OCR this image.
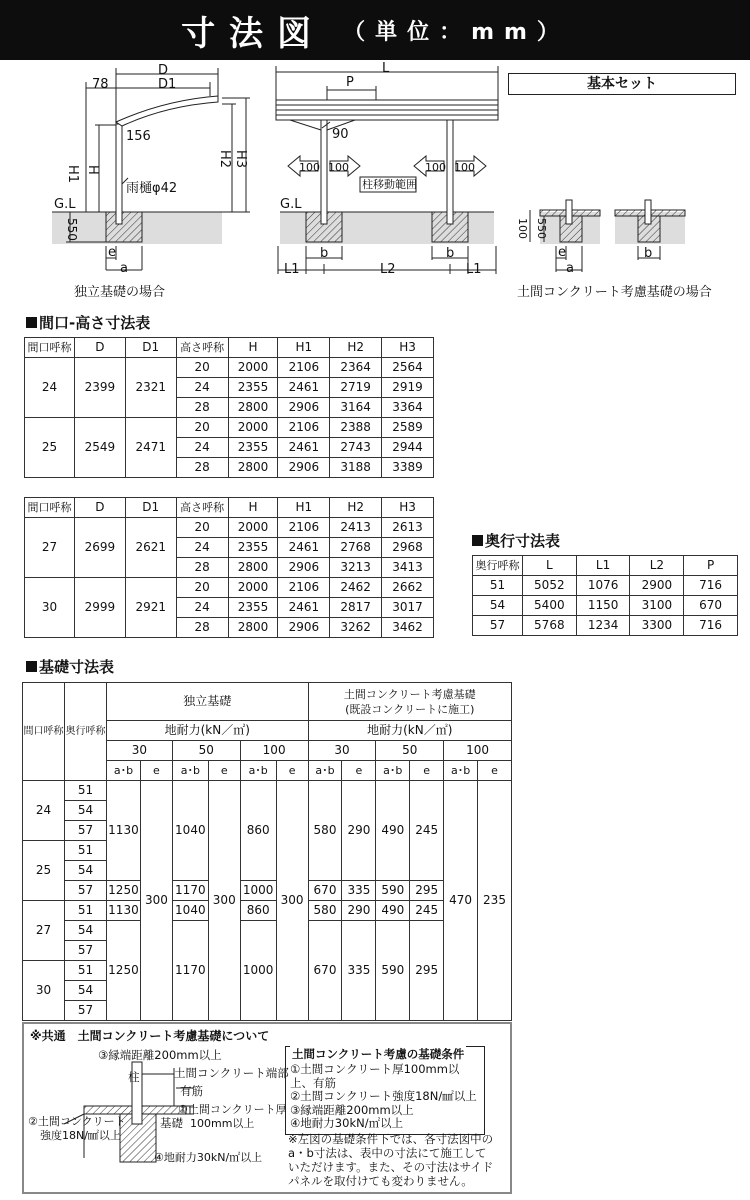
寸法図 （単位：mm）
D
D1
78
156
H1 H
H2 H3
雨樋φ42
G.L
550
e
a
独立基礎の場合
L
P
90
100 100	100 100
柱移動範囲
G.L
b	b
L1	L2	L1
基本セット
100 550
e
a
b
土間コンクリート考慮基礎の場合
間口-高さ寸法表
間口呼称	D	D1	高さ呼称	H	H1	H2	H3
24	2399	2321	20	2000	2106	2364	2564
			24	2355	2461	2719	2919
			28	2800	2906	3164	3364
25	2549	2471	20	2000	2106	2388	2589
			24	2355	2461	2743	2944
			28	2800	2906	3188	3389
間口呼称	D	D1	高さ呼称	H	H1	H2	H3
27	2699	2621	20	2000	2106	2413	2613
			24	2355	2461	2768	2968
			28	2800	2906	3213	3413
30	2999	2921	20	2000	2106	2462	2662
			24	2355	2461	2817	3017
			28	2800	2906	3262	3462
奥行寸法表
奥行呼称	L	L1	L2	P
51	5052	1076	2900	716
54	5400	1150	3100	670
57	5768	1234	3300	716
基礎寸法表
間口呼称	奥行呼称	独立基礎						土間コンクリート考慮基礎
(既設コンクリートに施工)					
		地耐力(kN／㎡)						地耐力(kN／㎡)					
		30		50		100		30		50		100	
		a･b	e	a･b	e	a･b	e	a･b	e	a･b	e	a･b	e
24	51	1130	300	1040	300	860	300	580	290	490	245	470	235
	54												
	57												
25	51												
	54												
	57	1250		1170		1000		670	335	590	295		
27	51	1130		1040		860		580	290	490	245		
	54	1250		1170		1000		670	335	590	295		
	57												
30	51												
	54												
	57												
※共通　土間コンクリート考慮基礎について
③縁端距離200mm以上
柱	土間コンクリート端部
有筋
①土間コンクリート厚
100mm以上
②土間コンクリート
強度18N/㎟以上
基礎
④地耐力30kN/㎡以上
①土間コンクリート厚100mm以上、有筋
②土間コンクリート強度18N/㎟以上
③縁端距離200mm以上
④地耐力30kN/㎡以上
土間コンクリート考慮の基礎条件
※左図の基礎条件下では、各寸法図中の
a・b寸法は、表中の寸法にて施工して
いただけます。また、その寸法はサイド
パネルを取付けても変わりません。
